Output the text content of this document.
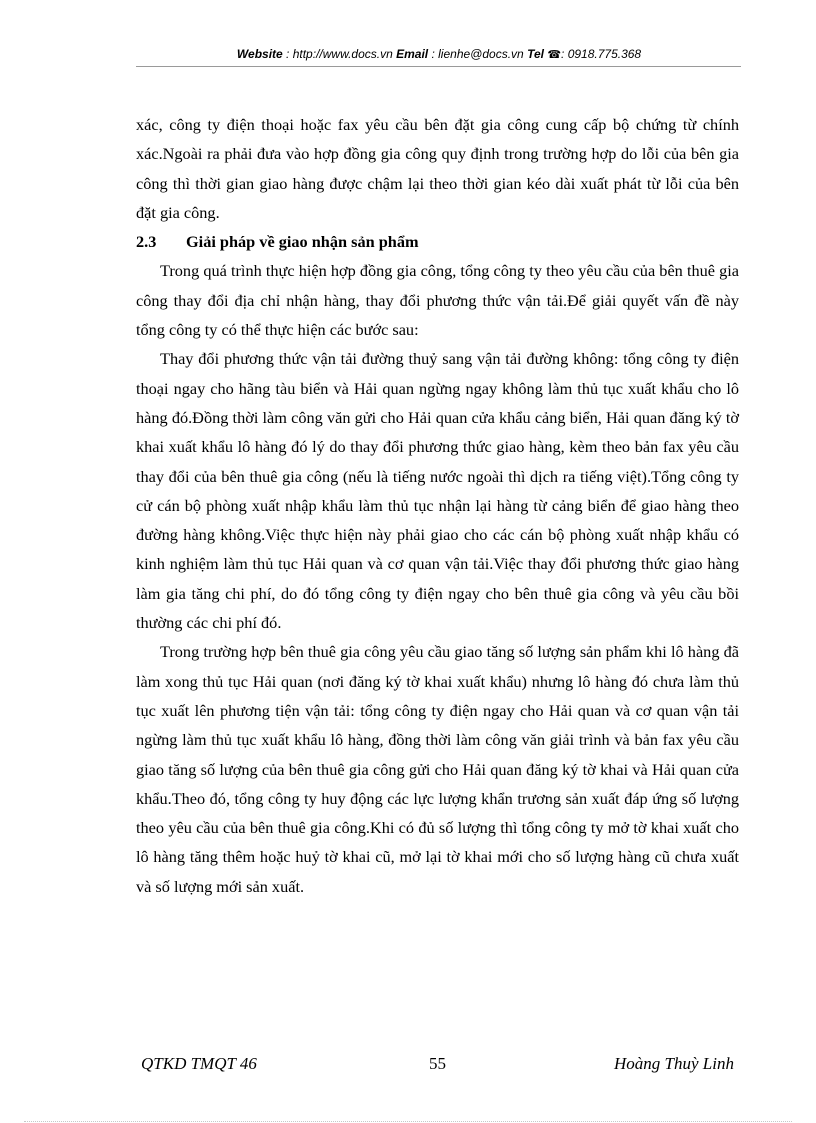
Website : http://www.docs.vn Email : lienhe@docs.vn Tel ☎: 0918.775.368

xác, công ty điện thoại hoặc fax yêu cầu bên đặt gia công cung cấp bộ chứng từ chính xác.Ngoài ra phải đưa vào hợp đồng gia công quy định trong trường hợp do lỗi của bên gia công thì thời gian giao hàng được chậm lại theo thời gian kéo dài xuất phát từ lỗi của bên đặt gia công.

2.3 Giải pháp về giao nhận sản phẩm

Trong quá trình thực hiện hợp đồng gia công, tổng công ty theo yêu cầu của bên thuê gia công thay đổi địa chỉ nhận hàng, thay đổi phương thức vận tải.Để giải quyết vấn đề này tổng công ty có thể thực hiện các bước sau:

Thay đổi phương thức vận tải đường thuỷ sang vận tải đường không: tổng công ty điện thoại ngay cho hãng tàu biển và Hải quan ngừng ngay không làm thủ tục xuất khẩu cho lô hàng đó.Đồng thời làm công văn gửi cho Hải quan cửa khẩu cảng biển, Hải quan đăng ký tờ khai xuất khẩu lô hàng đó lý do thay đổi phương thức giao hàng, kèm theo bản fax yêu cầu thay đổi của bên thuê gia công (nếu là tiếng nước ngoài thì dịch ra tiếng việt).Tổng công ty cử cán bộ phòng xuất nhập khẩu làm thủ tục nhận lại hàng từ cảng biển để giao hàng theo đường hàng không.Việc thực hiện này phải giao cho các cán bộ phòng xuất nhập khẩu có kinh nghiệm làm thủ tục Hải quan và cơ quan vận tải.Việc thay đổi phương thức giao hàng làm gia tăng chi phí, do đó tổng công ty điện ngay cho bên thuê gia công và yêu cầu bồi thường các chi phí đó.

Trong trường hợp bên thuê gia công yêu cầu giao tăng số lượng sản phẩm khi lô hàng đã làm xong thủ tục Hải quan (nơi đăng ký tờ khai xuất khẩu) nhưng lô hàng đó chưa làm thủ tục xuất lên phương tiện vận tải: tổng công ty điện ngay cho Hải quan và cơ quan vận tải ngừng làm thủ tục xuất khẩu lô hàng, đồng thời làm công văn giải trình và bản fax yêu cầu giao tăng số lượng của bên thuê gia công gửi cho Hải quan đăng ký tờ khai và Hải quan cửa khẩu.Theo đó, tổng công ty huy động các lực lượng khẩn trương sản xuất đáp ứng số lượng theo yêu cầu của bên thuê gia công.Khi có đủ số lượng thì tổng công ty mở tờ khai xuất cho lô hàng tăng thêm hoặc huỷ tờ khai cũ, mở lại tờ khai mới cho số lượng hàng cũ chưa xuất và số lượng mới sản xuất.

QTKD TMQT 46	55	Hoàng Thuỳ Linh
